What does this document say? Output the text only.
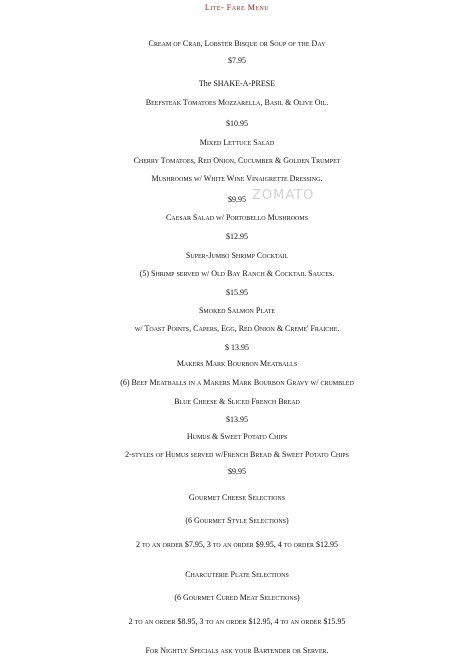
Lite- Fare Menu
Cream of Crab, Lobster Bisque or Soup of the Day
$7.95
The SHAKE-A-PRESE
Beefsteak Tomatoes Mozzarella, Basil & Olive Oil.
$10.95
Mixed Lettuce Salad
Cherry Tomatoes, Red Onion, Cucumber & Golden Trumpet
Mushrooms w/ White Wine Vinaigrette Dressing.
$9.95
Caesar Salad w/ Portobello Mushrooms
$12.95
Super-Jumbo Shrimp Cocktail
(5) Shrimp served w/ Old Bay Ranch & Cocktail Sauces.
$15.95
Smoked Salmon Plate
w/ Toast Points, Capers, Egg, Red Onion & Creme' Fraiche.
$ 13.95
Makers Mark Bourbon Meatballs
(6) Beef Meatballs in a Makers Mark Bourbon Gravy w/ crumbled
Blue Cheese & Sliced French Bread
$13.95
Humus & Sweet Potato Chips
2-styles of Humus served w/French Bread & Sweet Potato Chips
$9.95
Gourmet Cheese Selections
(6 Gourmet Style Selections)
2 to an order $7.95, 3 to an order $9.95, 4 to order $12.95
Charcuterie Plate Selections
(6 Gourmet Cured Meat Selections)
2 to an order $8.95, 3 to an order $12.95, 4 to an order $15.95
For Nightly Specials ask your Bartender or Server.
ZOMATO
